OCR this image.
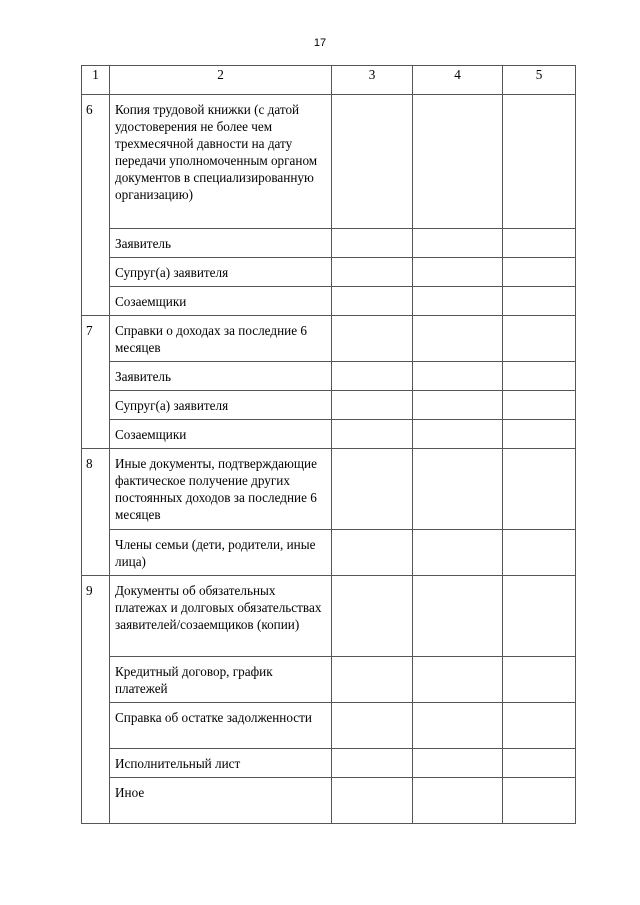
17
1	2	3	4	5
6	Копия трудовой книжки (с датой удостоверения не более чем трехмесячной давности на дату передачи уполномоченным органом документов в специализированную организацию)			
	Заявитель			
	Супруг(а) заявителя			
	Созаемщики			
7	Справки о доходах за последние 6 месяцев			
	Заявитель			
	Супруг(а) заявителя			
	Созаемщики			
8	Иные документы, подтверждающие фактическое получение других постоянных доходов за последние 6 месяцев			
	Члены семьи (дети, родители, иные лица)			
9	Документы об обязательных платежах и долговых обязательствах заявителей/созаемщиков (копии)			
	Кредитный договор, график платежей			
	Справка об остатке задолженности			
	Исполнительный лист			
	Иное			
